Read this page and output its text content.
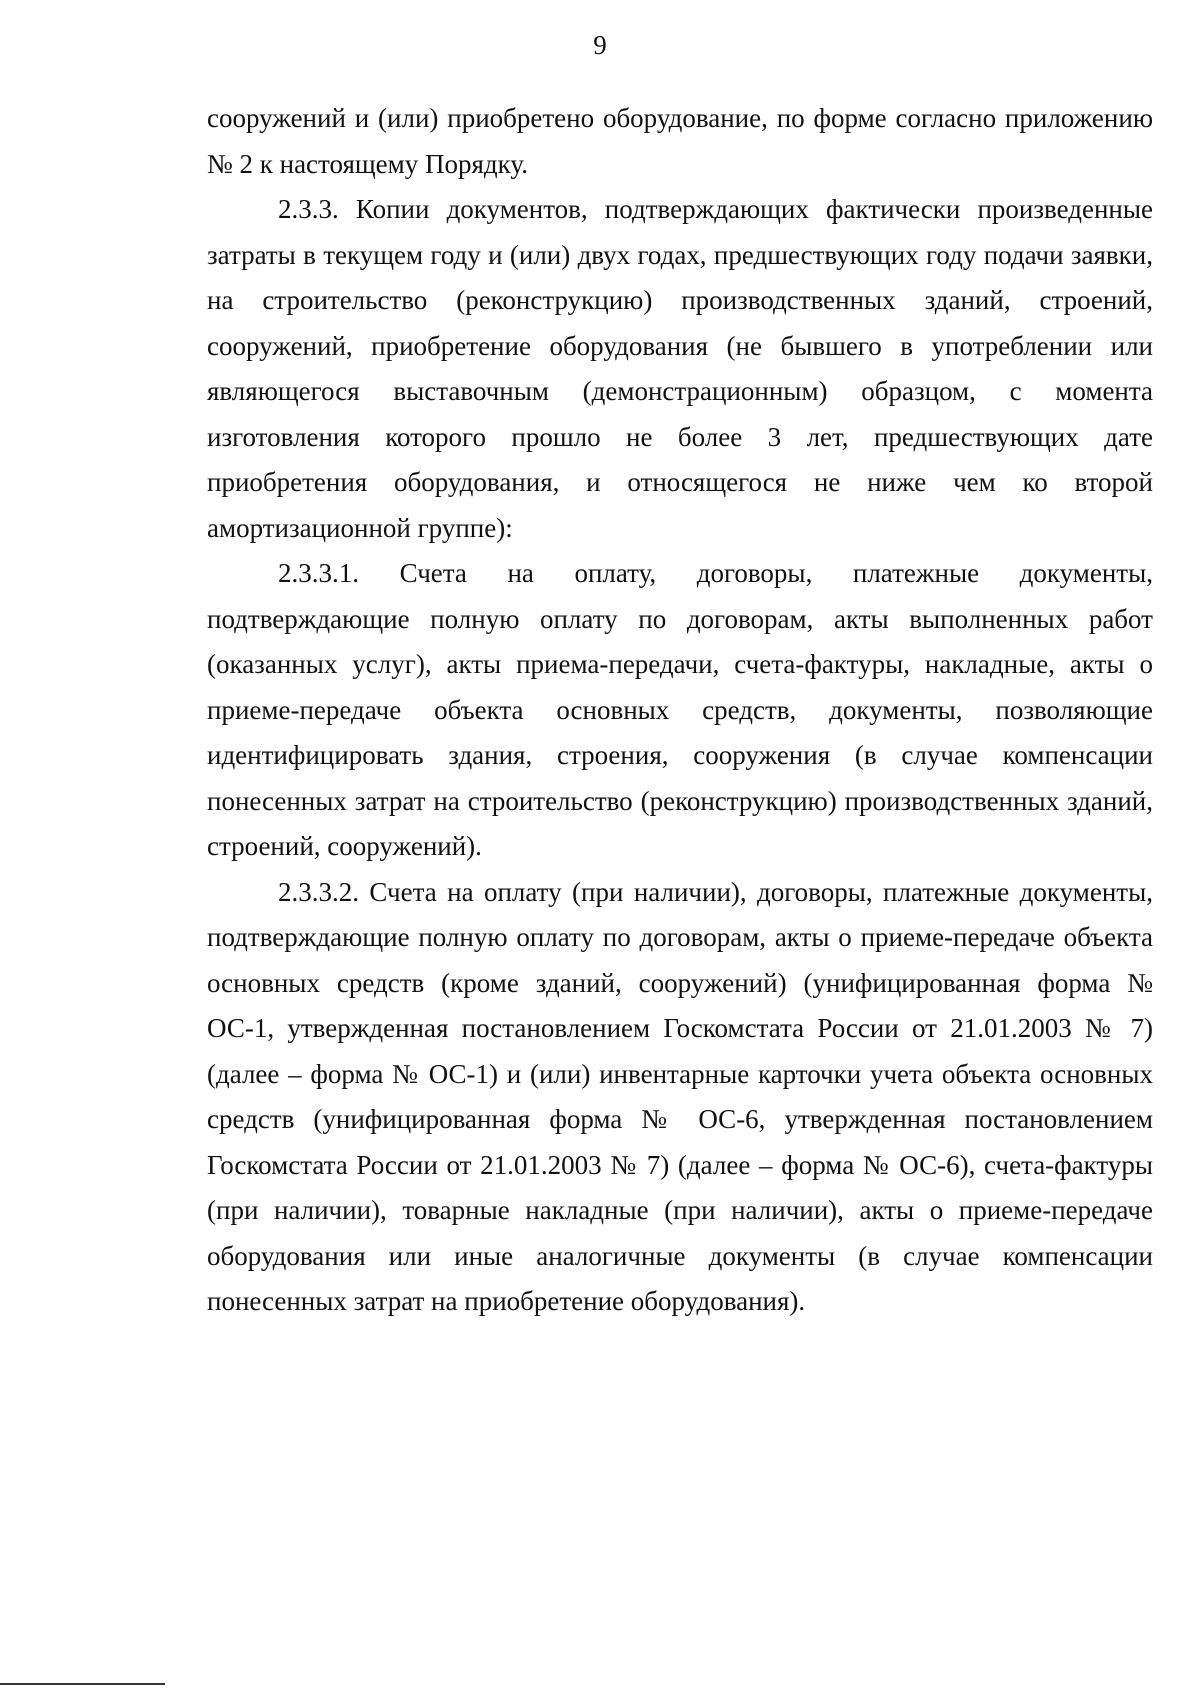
9

сооружений и (или) приобретено оборудование, по форме согласно приложению № 2 к настоящему Порядку.

2.3.3. Копии документов, подтверждающих фактически произведенные затраты в текущем году и (или) двух годах, предшествующих году подачи заявки, на строительство (реконструкцию) производственных зданий, строений, сооружений, приобретение оборудования (не бывшего в употреблении или являющегося выставочным (демонстрационным) образцом, с момента изготовления которого прошло не более 3 лет, предшествующих дате приобретения оборудования, и относящегося не ниже чем ко второй амортизационной группе):

2.3.3.1. Счета на оплату, договоры, платежные документы, подтверждающие полную оплату по договорам, акты выполненных работ (оказанных услуг), акты приема-передачи, счета-фактуры, накладные, акты о приеме-передаче объекта основных средств, документы, позволяющие идентифицировать здания, строения, сооружения (в случае компенсации понесенных затрат на строительство (реконструкцию) производственных зданий, строений, сооружений).

2.3.3.2. Счета на оплату (при наличии), договоры, платежные документы, подтверждающие полную оплату по договорам, акты о приеме-передаче объекта основных средств (кроме зданий, сооружений) (унифицированная форма № ОС-1, утвержденная постановлением Госкомстата России от 21.01.2003 № 7) (далее – форма № ОС-1) и (или) инвентарные карточки учета объекта основных средств (унифицированная форма № ОС-6, утвержденная постановлением Госкомстата России от 21.01.2003 № 7) (далее – форма № ОС-6), счета-фактуры (при наличии), товарные накладные (при наличии), акты о приеме-передаче оборудования или иные аналогичные документы (в случае компенсации понесенных затрат на приобретение оборудования).
